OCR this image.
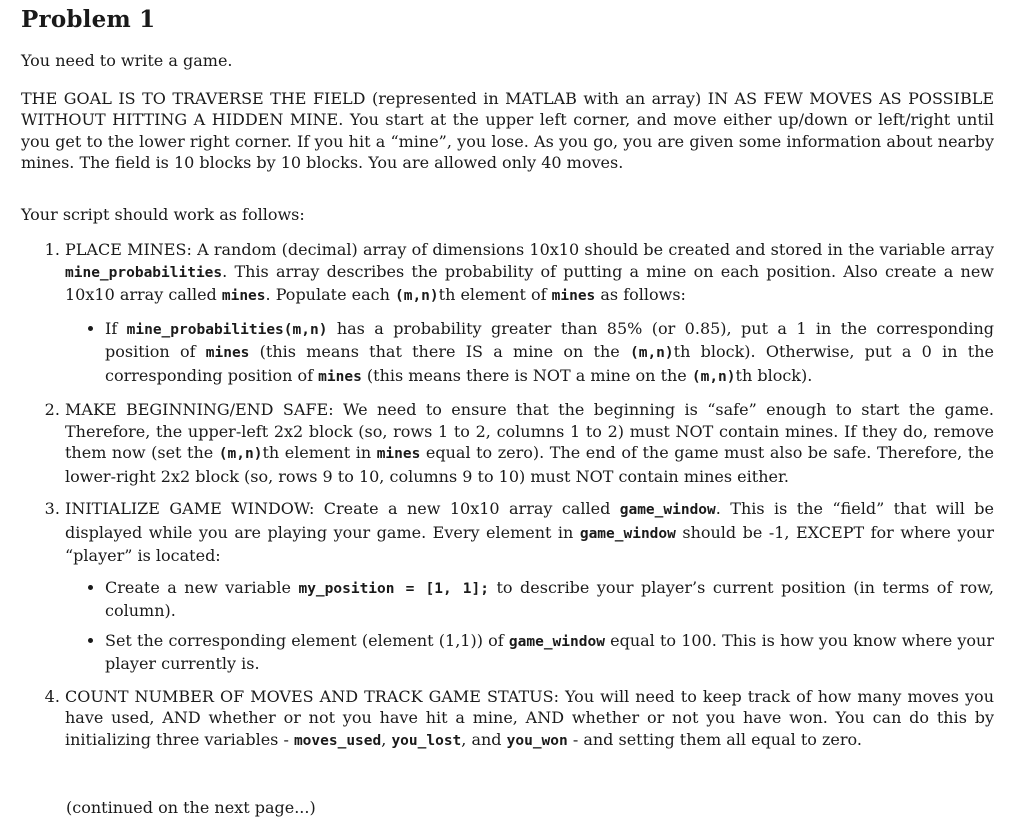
Problem 1

You need to write a game.

THE GOAL IS TO TRAVERSE THE FIELD (represented in MATLAB with an array) IN AS FEW MOVES AS POSSIBLE WITHOUT HITTING A HIDDEN MINE. You start at the upper left corner, and move either up/down or left/right until you get to the lower right corner. If you hit a “mine”, you lose. As you go, you are given some information about nearby mines. The field is 10 blocks by 10 blocks. You are allowed only 40 moves.

Your script should work as follows:

1. PLACE MINES: A random (decimal) array of dimensions 10x10 should be created and stored in the variable array mine_probabilities. This array describes the probability of putting a mine on each position. Also create a new 10x10 array called mines. Populate each (m,n)th element of mines as follows:
• If mine_probabilities(m,n) has a probability greater than 85% (or 0.85), put a 1 in the corresponding position of mines (this means that there IS a mine on the (m,n)th block). Otherwise, put a 0 in the corresponding position of mines (this means there is NOT a mine on the (m,n)th block).
2. MAKE BEGINNING/END SAFE: We need to ensure that the beginning is “safe” enough to start the game. Therefore, the upper-left 2x2 block (so, rows 1 to 2, columns 1 to 2) must NOT contain mines. If they do, remove them now (set the (m,n)th element in mines equal to zero). The end of the game must also be safe. Therefore, the lower-right 2x2 block (so, rows 9 to 10, columns 9 to 10) must NOT contain mines either.
3. INITIALIZE GAME WINDOW: Create a new 10x10 array called game_window. This is the “field” that will be displayed while you are playing your game. Every element in game_window should be -1, EXCEPT for where your “player” is located:
• Create a new variable my_position = [1, 1]; to describe your player’s current position (in terms of row, column).
• Set the corresponding element (element (1,1)) of game_window equal to 100. This is how you know where your player currently is.
4. COUNT NUMBER OF MOVES AND TRACK GAME STATUS: You will need to keep track of how many moves you have used, AND whether or not you have hit a mine, AND whether or not you have won. You can do this by initializing three variables - moves_used, you_lost, and you_won - and setting them all equal to zero.

(continued on the next page...)
